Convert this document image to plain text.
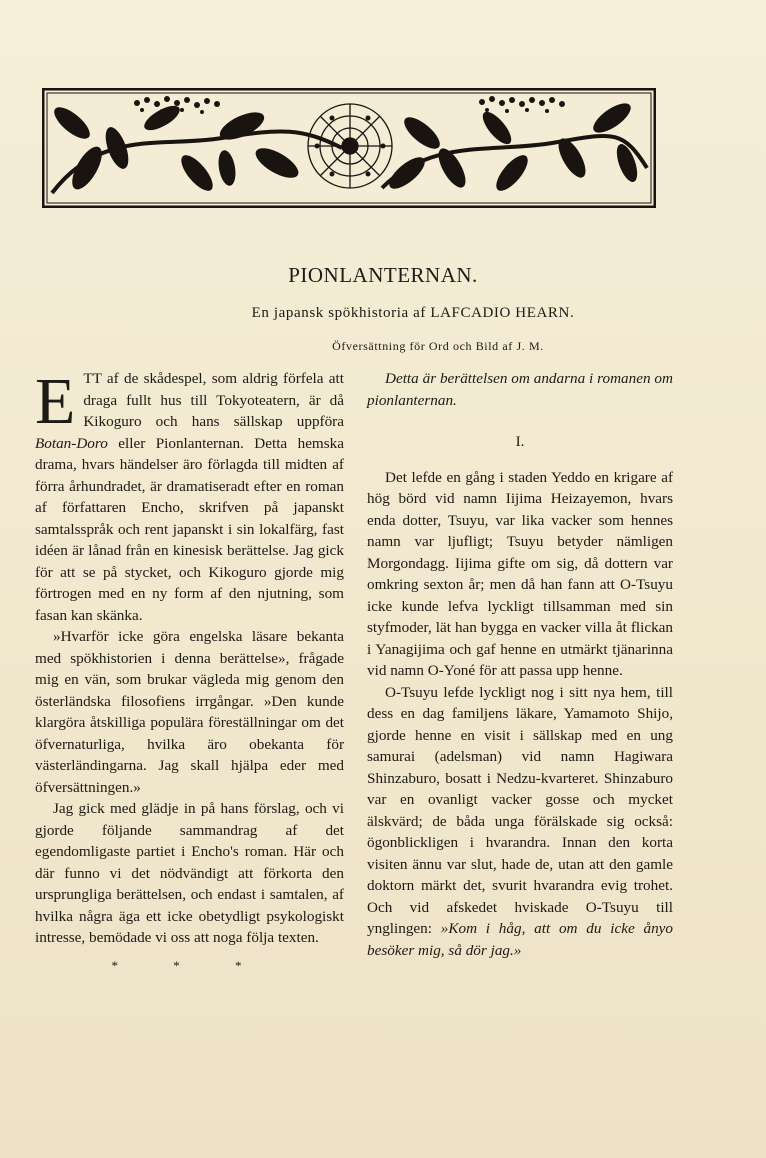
PIONLANTERNAN.
En japansk spökhistoria af LAFCADIO HEARN.
Öfversättning för Ord och Bild af J. M.

ETT af de skådespel, som aldrig förfela att draga fullt hus till Tokyoteatern, är då Kikoguro och hans sällskap uppföra Botan-Doro eller Pionlanternan. Detta hemska drama, hvars händelser äro förlagda till midten af förra århundradet, är dramatiseradt efter en roman af författaren Encho, skrifven på japanskt samtalsspråk och rent japanskt i sin lokalfärg, fast idéen är lånad från en kinesisk berättelse. Jag gick för att se på stycket, och Kikoguro gjorde mig förtrogen med en ny form af den njutning, som fasan kan skänka.

»Hvarför icke göra engelska läsare bekanta med spökhistorien i denna berättelse», frågade mig en vän, som brukar vägleda mig genom den österländska filosofiens irrgångar. »Den kunde klargöra åtskilliga populära föreställningar om det öfvernaturliga, hvilka äro obekanta för västerländingarna. Jag skall hjälpa eder med öfversättningen.»

Jag gick med glädje in på hans förslag, och vi gjorde följande sammandrag af det egendomligaste partiet i Encho's roman. Här och där funno vi det nödvändigt att förkorta den ursprungliga berättelsen, och endast i samtalen, af hvilka några äga ett icke obetydligt psykologiskt intresse, bemödade vi oss att noga följa texten.

* * *

Detta är berättelsen om andarna i romanen om pionlanternan.

I.

Det lefde en gång i staden Yeddo en krigare af hög börd vid namn Iijima Heizayemon, hvars enda dotter, Tsuyu, var lika vacker som hennes namn var ljufligt; Tsuyu betyder nämligen Morgondagg. Iijima gifte om sig, då dottern var omkring sexton år; men då han fann att O-Tsuyu icke kunde lefva lyckligt tillsamman med sin styfmoder, lät han bygga en vacker villa åt flickan i Yanagijima och gaf henne en utmärkt tjänarinna vid namn O-Yoné för att passa upp henne.

O-Tsuyu lefde lyckligt nog i sitt nya hem, till dess en dag familjens läkare, Yamamoto Shijo, gjorde henne en visit i sällskap med en ung samurai (adelsman) vid namn Hagiwara Shinzaburo, bosatt i Nedzu-kvarteret. Shinzaburo var en ovanligt vacker gosse och mycket älskvärd; de båda unga förälskade sig också: ögonblickligen i hvarandra. Innan den korta visiten ännu var slut, hade de, utan att den gamle doktorn märkt det, svurit hvarandra evig trohet. Och vid afskedet hviskade O-Tsuyu till ynglingen: »Kom i håg, att om du icke ånyo besöker mig, så dör jag.»
